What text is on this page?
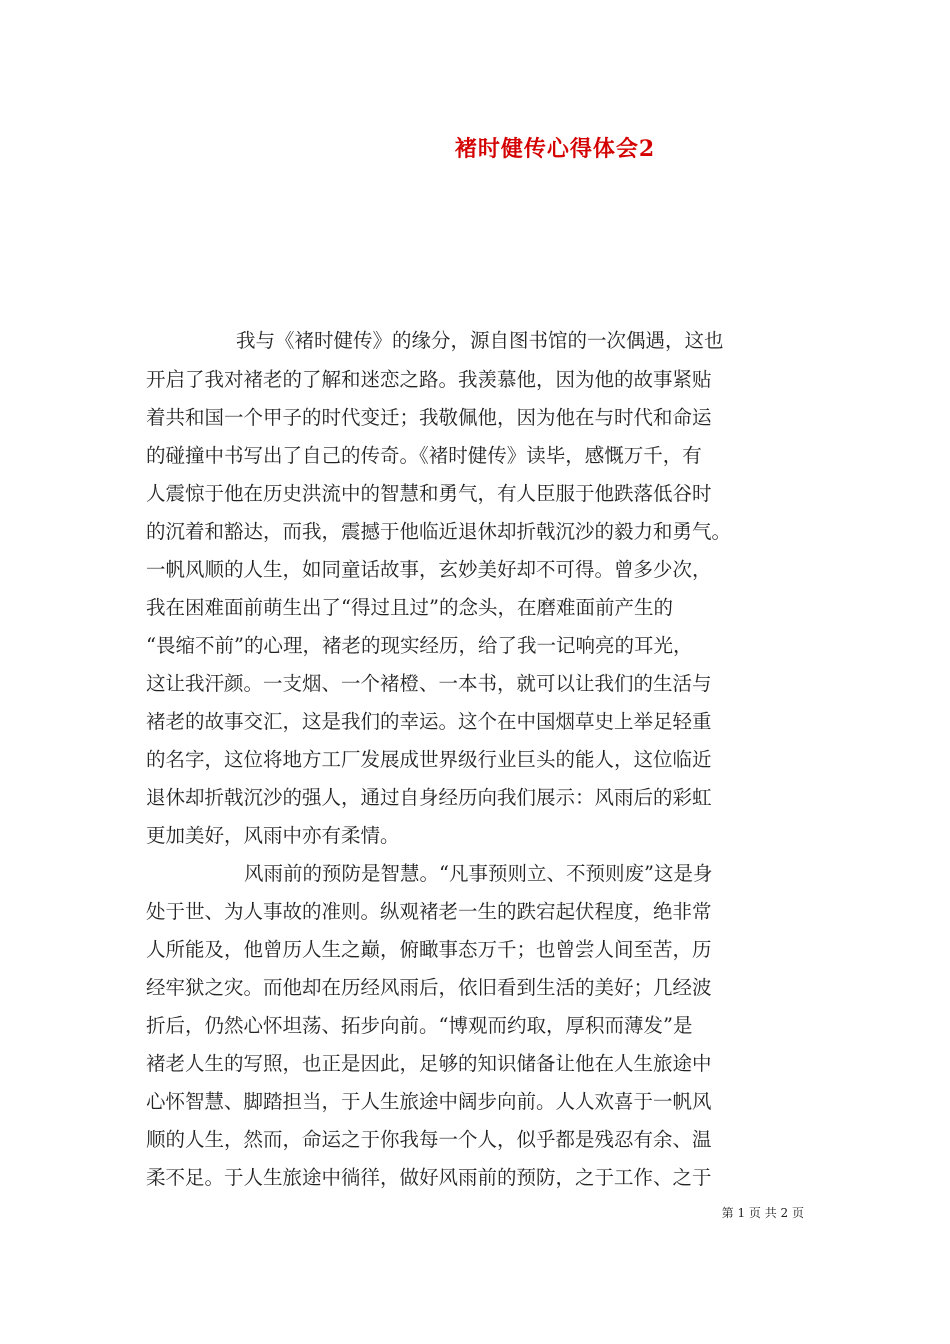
褚时健传心得体会2
我与《褚时健传》的缘分，源自图书馆的一次偶遇，这也
开启了我对褚老的了解和迷恋之路。我羡慕他，因为他的故事紧贴
着共和国一个甲子的时代变迁；我敬佩他，因为他在与时代和命运
的碰撞中书写出了自己的传奇。《褚时健传》读毕，感慨万千，有
人震惊于他在历史洪流中的智慧和勇气，有人臣服于他跌落低谷时
的沉着和豁达，而我，震撼于他临近退休却折戟沉沙的毅力和勇气。
一帆风顺的人生，如同童话故事，玄妙美好却不可得。曾多少次，
我在困难面前萌生出了“得过且过”的念头，在磨难面前产生的
“畏缩不前”的心理，褚老的现实经历，给了我一记响亮的耳光，
这让我汗颜。一支烟、一个褚橙、一本书，就可以让我们的生活与
褚老的故事交汇，这是我们的幸运。这个在中国烟草史上举足轻重
的名字，这位将地方工厂发展成世界级行业巨头的能人，这位临近
退休却折戟沉沙的强人，通过自身经历向我们展示：风雨后的彩虹
更加美好，风雨中亦有柔情。
风雨前的预防是智慧。“凡事预则立、不预则废”这是身
处于世、为人事故的准则。纵观褚老一生的跌宕起伏程度，绝非常
人所能及，他曾历人生之巅，俯瞰事态万千；也曾尝人间至苦，历
经牢狱之灾。而他却在历经风雨后，依旧看到生活的美好；几经波
折后，仍然心怀坦荡、拓步向前。“博观而约取，厚积而薄发”是
褚老人生的写照，也正是因此，足够的知识储备让他在人生旅途中
心怀智慧、脚踏担当，于人生旅途中阔步向前。人人欢喜于一帆风
顺的人生，然而，命运之于你我每一个人，似乎都是残忍有余、温
柔不足。于人生旅途中徜徉，做好风雨前的预防，之于工作、之于
第 1 页 共 2 页
